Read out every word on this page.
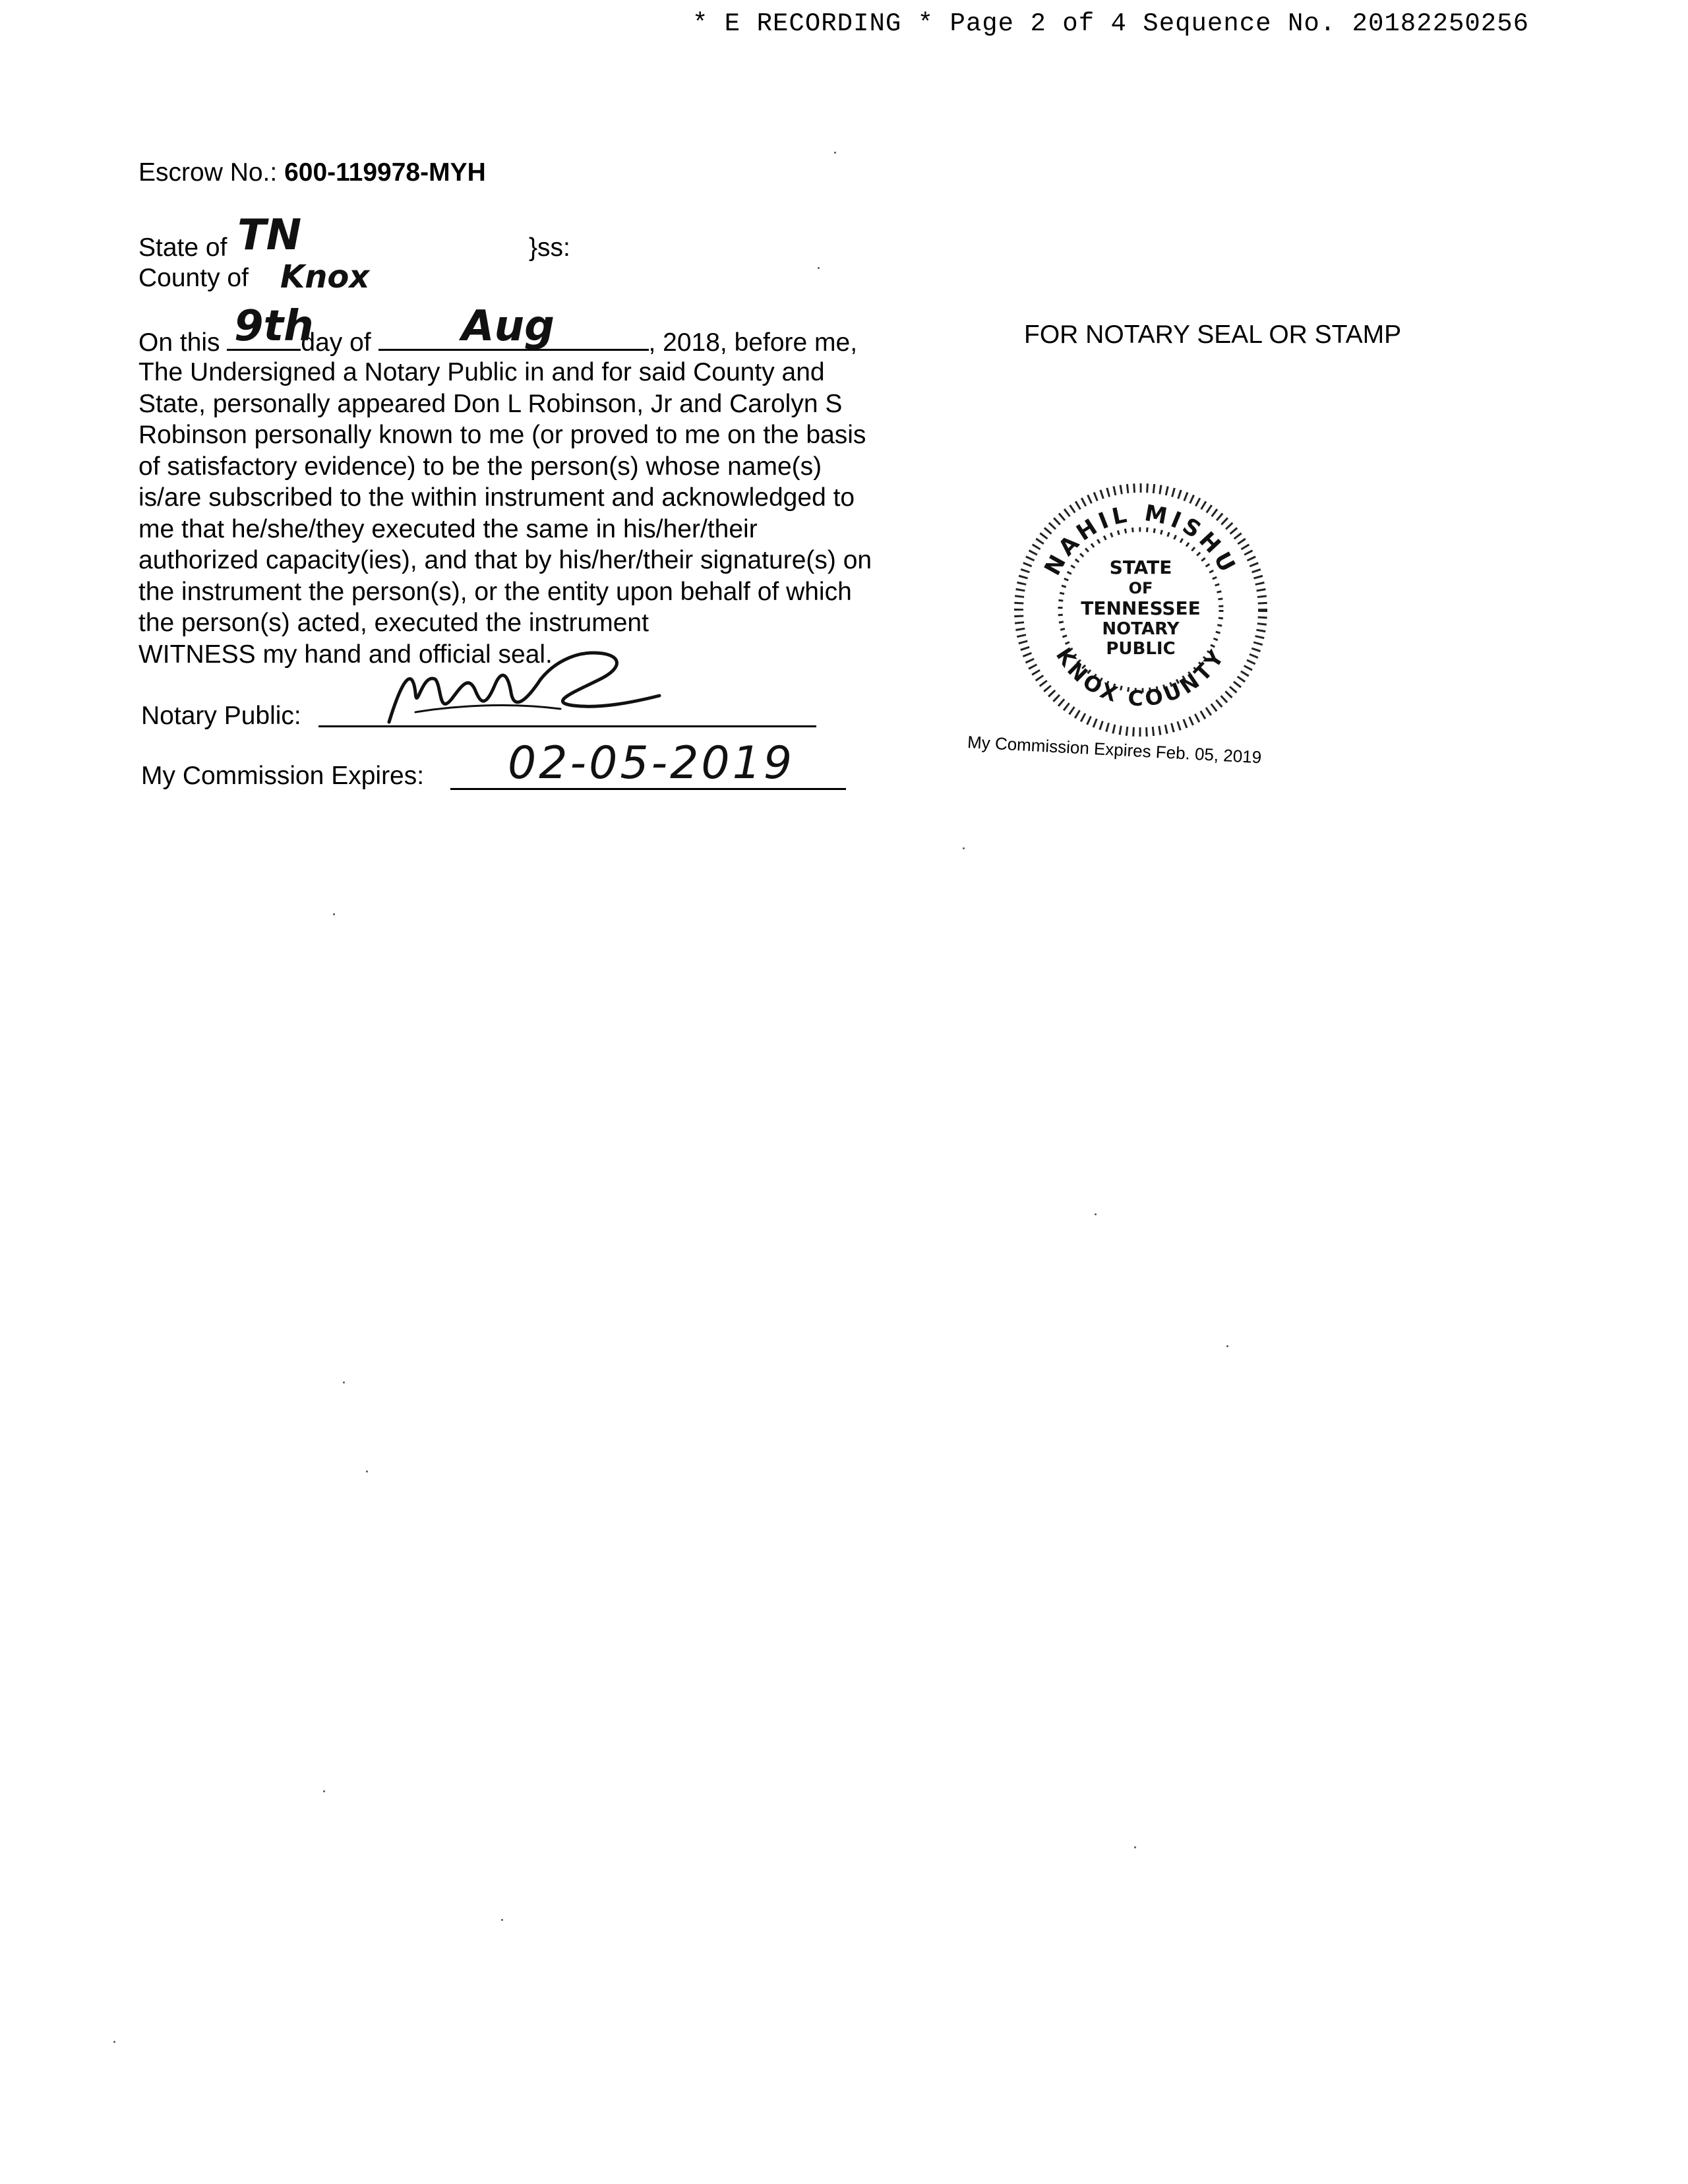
* E RECORDING * Page 2 of 4 Sequence No. 20182250256
Escrow No.: 600-119978-MYH
State of TN
County of Knox
}ss:
On this	day of	, 2018, before me,
9th	Aug
The Undersigned a Notary Public in and for said County and
State, personally appeared Don L Robinson, Jr and Carolyn S
Robinson personally known to me (or proved to me on the basis
of satisfactory evidence) to be the person(s) whose name(s)
is/are subscribed to the within instrument and acknowledged to
me that he/she/they executed the same in his/her/their
authorized capacity(ies), and that by his/her/their signature(s) on
the instrument the person(s), or the entity upon behalf of which
the person(s) acted, executed the instrument
WITNESS my hand and official seal.
Notary Public:
My Commission Expires: 02-05-2019
FOR NOTARY SEAL OR STAMP
NAHIL MISHU
KNOX COUNTY
STATE
OF
TENNESSEE
NOTARY
PUBLIC
My Commission Expires Feb. 05, 2019
